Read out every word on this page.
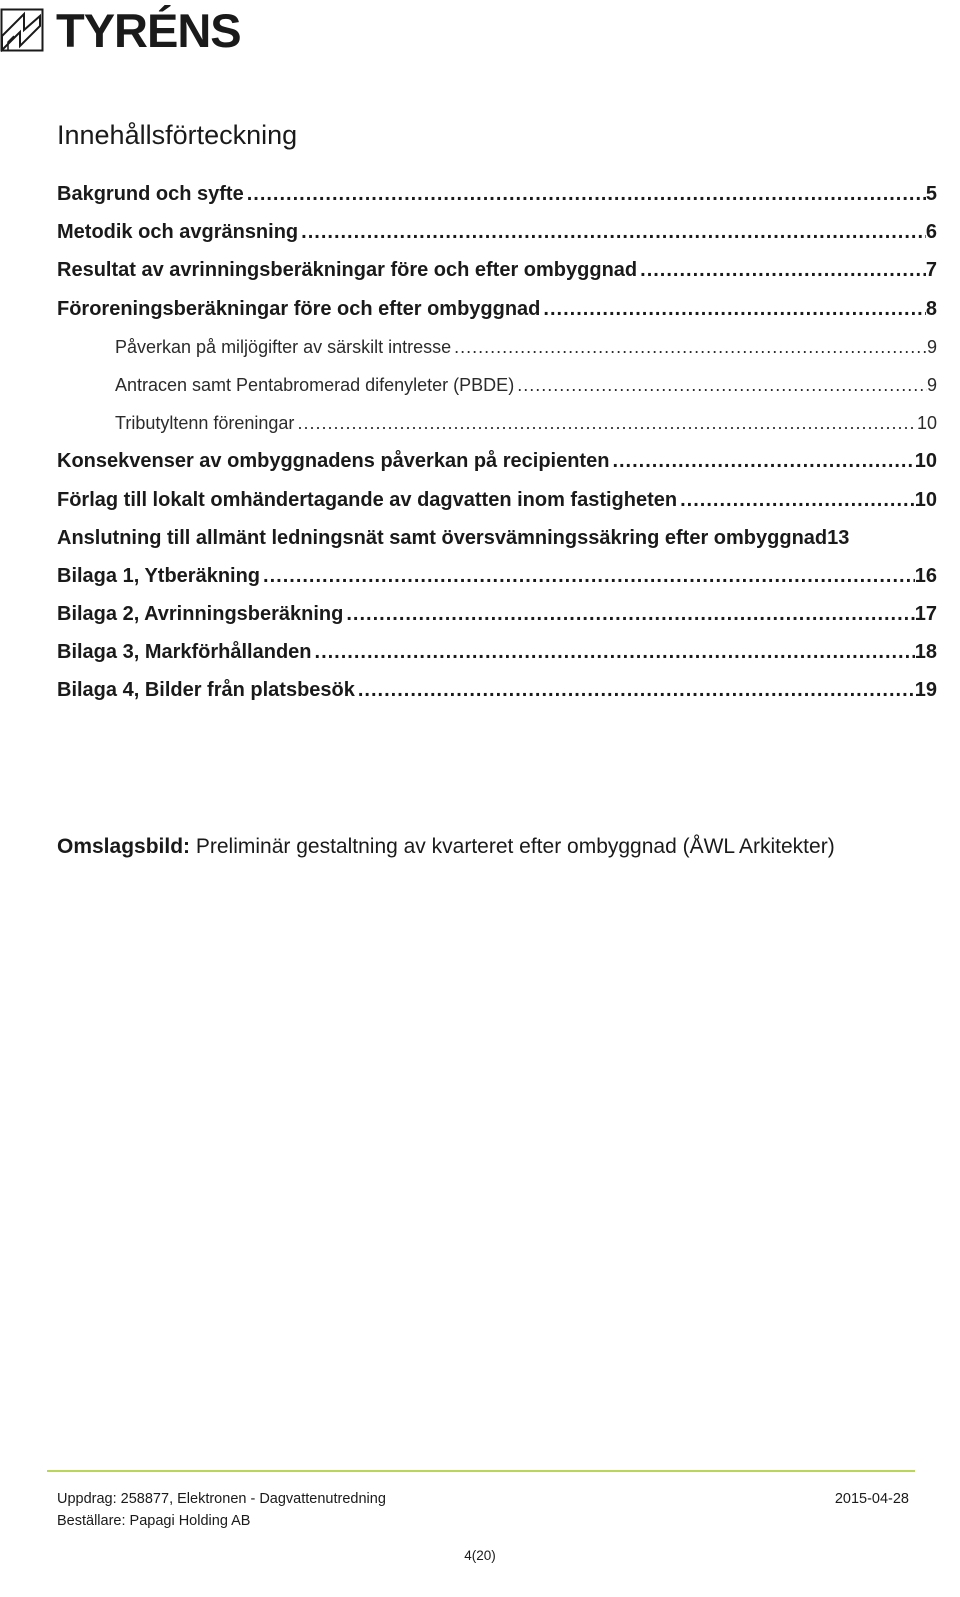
TYRÉNS
Innehållsförteckning
Bakgrund och syfte .....	5
Metodik och avgränsning .....	6
Resultat av avrinningsberäkningar före och efter ombyggnad .....	7
Föroreningsberäkningar före och efter ombyggnad .....	8
Påverkan på miljögifter av särskilt intresse .....	9
Antracen samt Pentabromerad difenyleter (PBDE) .....	9
Tributyltenn föreningar .....	10
Konsekvenser av ombyggnadens påverkan på recipienten .....	10
Förlag till lokalt omhändertagande av dagvatten inom fastigheten .....	10
Anslutning till allmänt ledningsnät samt översvämningssäkring efter ombyggnad 13
Bilaga 1, Ytberäkning .....	16
Bilaga 2, Avrinningsberäkning .....	17
Bilaga 3, Markförhållanden .....	18
Bilaga 4, Bilder från platsbesök .....	19
Omslagsbild: Preliminär gestaltning av kvarteret efter ombyggnad (ÅWL Arkitekter)
Uppdrag: 258877, Elektronen - Dagvattenutredning	2015-04-28
Beställare: Papagi Holding AB
4(20)
